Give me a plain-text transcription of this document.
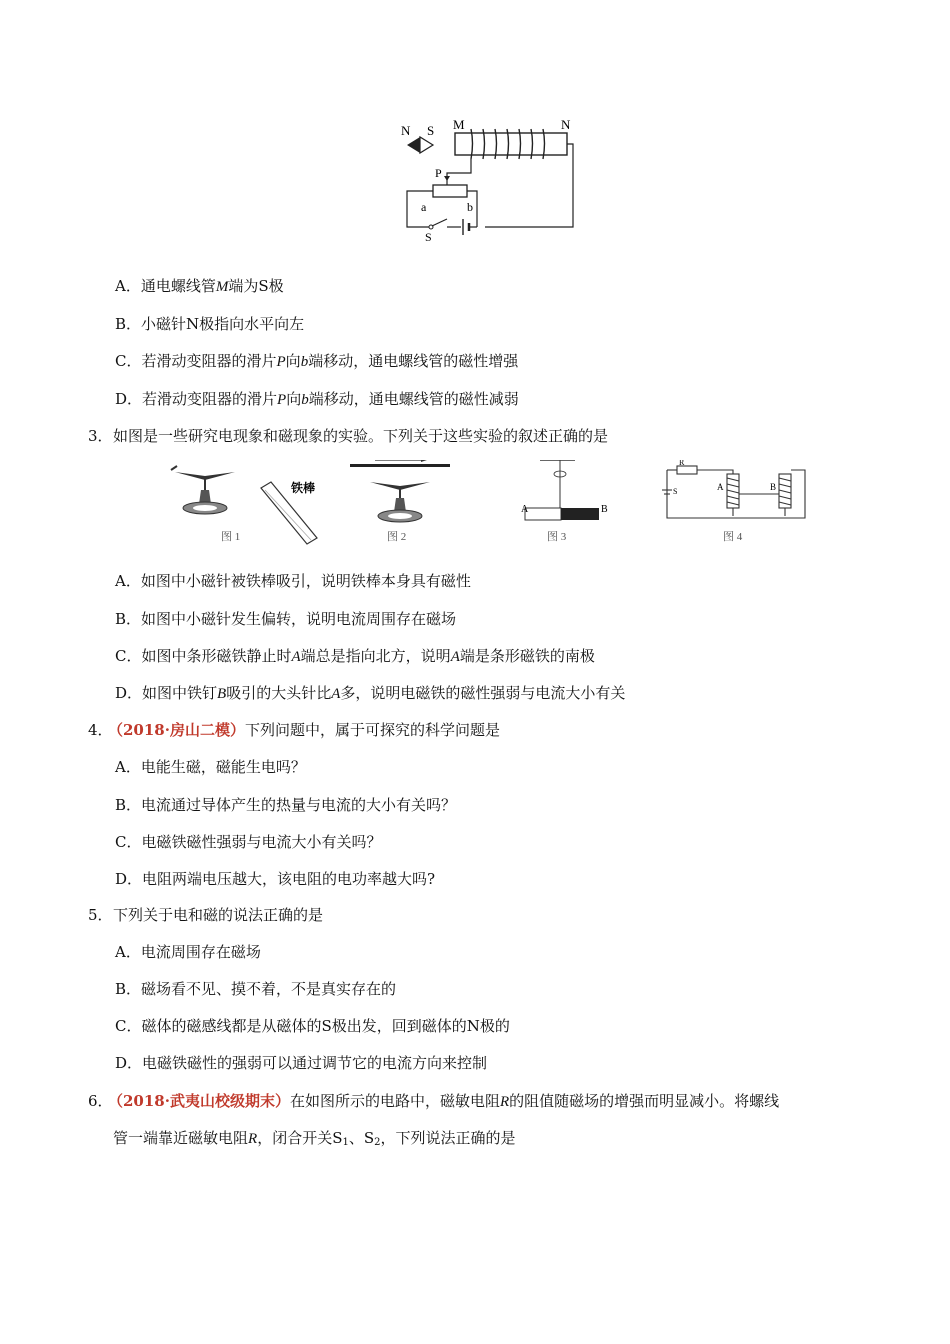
N S M	N
P
a	b
S
A．通电螺线管M端为S极
B．小磁针N极指向水平向左
C．若滑动变阻器的滑片P向b端移动，通电螺线管的磁性增强
D．若滑动变阻器的滑片P向b端移动，通电螺线管的磁性减弱
3． 如图是一些研究电现象和磁现象的实验。下列关于这些实验的叙述正确的是
铁棒
图 1	图 2
A	B
图 3
R
S	A	B
图 4
A．如图中小磁针被铁棒吸引，说明铁棒本身具有磁性
B．如图中小磁针发生偏转，说明电流周围存在磁场
C．如图中条形磁铁静止时A端总是指向北方，说明A端是条形磁铁的南极
D．如图中铁钉B吸引的大头针比A多，说明电磁铁的磁性强弱与电流大小有关
4．
（2018·房山二模）下列问题中，属于可探究的科学问题是
A．电能生磁，磁能生电吗？
B．电流通过导体产生的热量与电流的大小有关吗？
C．电磁铁磁性强弱与电流大小有关吗？
D．电阻两端电压越大，该电阻的电功率越大吗?
5． 下列关于电和磁的说法正确的是
A．电流周围存在磁场
B．磁场看不见、摸不着，不是真实存在的
C．磁体的磁感线都是从磁体的S极出发，回到磁体的N极的
D．电磁铁磁性的强弱可以通过调节它的电流方向来控制
6．
（2018·武夷山校级期末）在如图所示的电路中，磁敏电阻R的阻值随磁场的增强而明显减小。将螺线
管一端靠近磁敏电阻R，闭合开关$S_1$、$S_2$，下列说法正确的是
